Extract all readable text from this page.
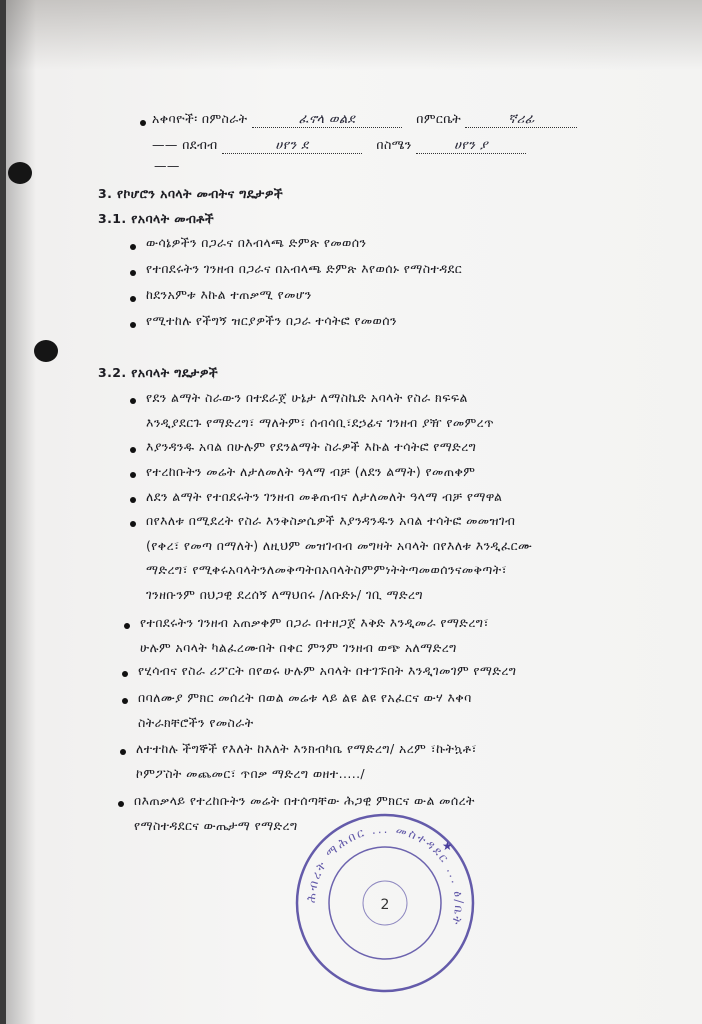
አቀባዮች፡ በምስራት	ፈኖላ ወልደ	በምርቤት	ኛሪፊ
—— በደብብ	ሀየን ደ	በስሜን	ሀየን ያ
——
3. የኮሆሮን አባላት መብትና ግዴታዎች
3.1. የአባላት መብቶች
ውሳኔዎችን በጋራና በእብላጫ ድምጽ የመወሰን
የተበደሩትን ገንዘብ በጋራና በአብላጫ ድምጽ እየወሰኑ የማስተዳደር
ከደንአምቱ እኩል ተጠቃሚ የመሆን
የሚተከሉ የችግኝ ዝርያዎችን በጋራ ተሳትፎ የመወሰን
3.2. የአባላት ግዴታዎች
የደን ልማት ስራውን በተደራጀ ሁኔታ ለማስኬድ አባላት የስራ ክፍፍል
እንዲያደርጉ የማድረግ፣ ማለትም፣ ሰብሳቢ፣ደኃፊና ገንዘብ ያዥ የመምረጥ
እያንዳንዱ አባል በሁሉም የደንልማት ስራዎች እኩል ተሳትፎ የማድረግ
የተረከቡትን መሬት ለታለመለት ዓላማ ብቻ (ለደን ልማት) የመጠቀም
ለደን ልማት የተበደሩትን ገንዘብ መቆጠብና ለታለመለት ዓላማ ብቻ የማዋል
በየእለቱ በሚደረት የስራ እንቅስቃሴዎች እያንዳንዱን አባል ተሳትፎ መመዝገብ
(የቀረ፣ የመጣ በማለት) ለዚህም መዝገብብ መግዛት አባላት በየእለቱ እንዲፈርሙ
ማድረግ፣ የሚቀሩአባላትንለመቅጣትበአባላትስምምነትትጣመወሰንናመቅጣት፣
ገንዘቡንም በህጋዊ ደረሰኝ ለማህበሩ /ለቡድኑ/ ገቢ ማድረግ
የተበደሩትን ገንዘብ አጠቃቀም በጋራ በተዘጋጀ እቅድ እንዲመራ የማድረግ፣
ሁሉም አባላት ካልፈረሙበት በቀር ምንም ገንዘብ ወጭ አለማድረግ
የሂሳብና የስራ ሪፖርት በየወሩ ሁሉም አባላት በተገኙበት እንዲገመገም የማድረግ
በባለሙያ ምክር መሰረት በወል መሬቱ ላይ ልዩ ልዩ የአፈርና ውሃ እቀባ
ስትራክቸሮችን የመስራት
ለተተከሉ ችግኞች የእለት ከእለት እንክብካቤ የማድረግ/ አረም ፣ኩትኳቶ፣
ኮምፖስት መጨመር፣ ጥበቃ ማድረግ ወዘተ...../
በእጠቃላይ የተረከቡትን መሬት በተሰጣቸው ሕጋዊ ምክርና ውል መሰረት
የማስተዳደርና ውጤታማ የማድረግ
ሕብረት ማሕበር ... መስተዳደር ... ፅ/ቤት
2
★
